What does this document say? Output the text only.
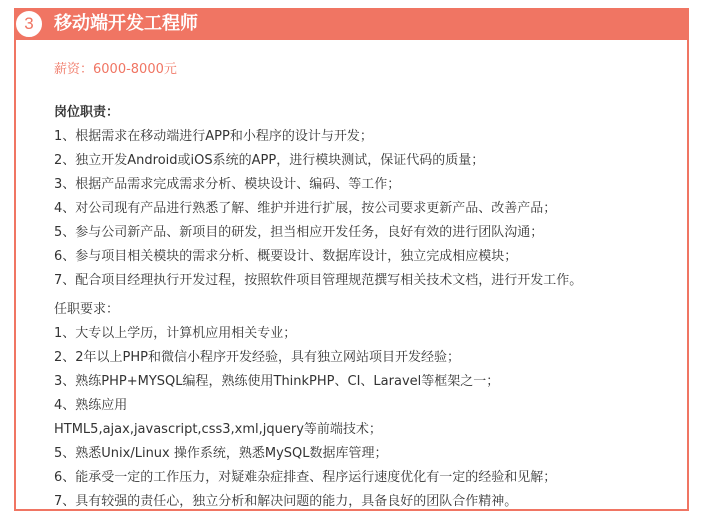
3	移动端开发工程师
薪资：6000-8000元
岗位职责：
1、根据需求在移动端进行APP和小程序的设计与开发；
2、独立开发Android或iOS系统的APP，进行模块测试，保证代码的质量；
3、根据产品需求完成需求分析、模块设计、编码、等工作；
4、对公司现有产品进行熟悉了解、维护并进行扩展，按公司要求更新产品、改善产品；
5、参与公司新产品、新项目的研发，担当相应开发任务，良好有效的进行团队沟通；
6、参与项目相关模块的需求分析、概要设计、数据库设计，独立完成相应模块；
7、配合项目经理执行开发过程，按照软件项目管理规范撰写相关技术文档，进行开发工作。
任职要求：
1、大专以上学历，计算机应用相关专业；
2、2年以上PHP和微信小程序开发经验，具有独立网站项目开发经验；
3、熟练PHP+MYSQL编程，熟练使用ThinkPHP、CI、Laravel等框架之一；
4、熟练应用
HTML5,ajax,javascript,css3,xml,jquery等前端技术；
5、熟悉Unix/Linux 操作系统，熟悉MySQL数据库管理；
6、能承受一定的工作压力，对疑难杂症排查、程序运行速度优化有一定的经验和见解；
7、具有较强的责任心，独立分析和解决问题的能力，具备良好的团队合作精神。
